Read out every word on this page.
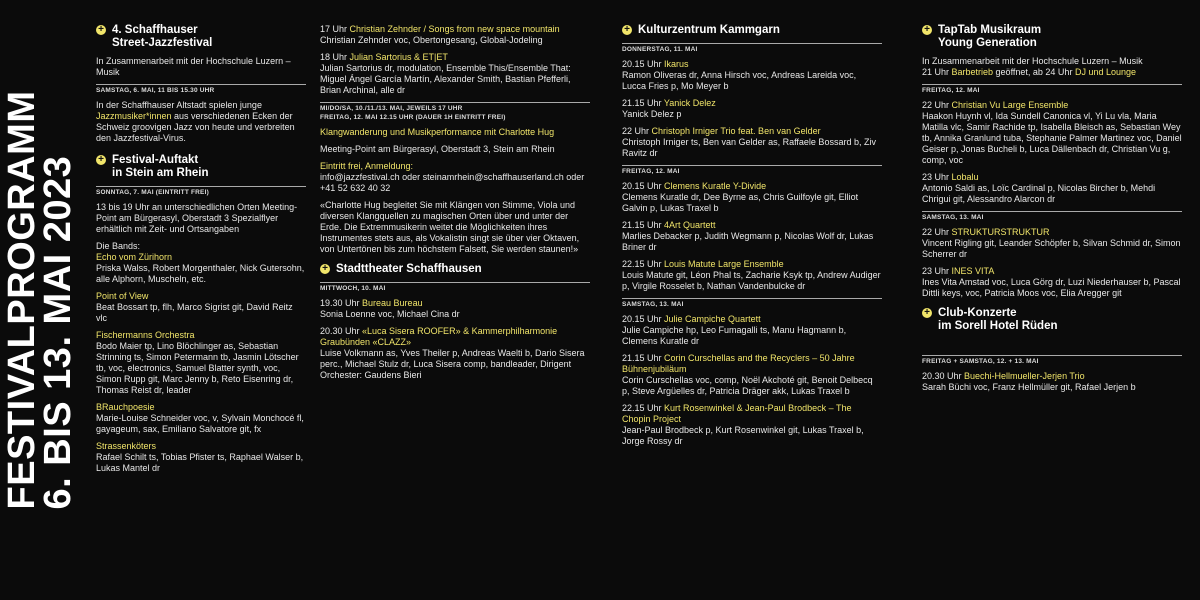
FESTIVALPROGRAMM
6. BIS 13. MAI 2023
+ 4. Schaffhauser
Street-Jazzfestival

In Zusammenarbeit mit der Hochschule Luzern – Musik

SAMSTAG, 6. MAI, 11 BIS 15.30 UHR

In der Schaffhauser Altstadt spielen junge Jazzmusiker*innen aus verschiedenen Ecken der Schweiz groovigen Jazz von heute und verbreiten den Jazzfestival-Virus.

+ Festival-Auftakt
in Stein am Rhein
SONNTAG, 7. MAI (EINTRITT FREI)

13 bis 19 Uhr an unterschiedlichen Orten Meeting-Point am Bürgerasyl, Oberstadt 3 Spezialflyer erhältlich mit Zeit- und Ortsangaben

Die Bands:
Echo vom Zürihorn
Priska Walss, Robert Morgenthaler, Nick Gutersohn, alle Alphorn, Muscheln, etc.
Point of View
Beat Bossart tp, flh, Marco Sigrist git, David Reitz vlc
Fischermanns Orchestra
Bodo Maier tp, Lino Blöchlinger as, Sebastian Strinning ts, Simon Petermann tb, Jasmin Lötscher tb, voc, electronics, Samuel Blatter synth, voc, Simon Rupp git, Marc Jenny b, Reto Eisenring dr, Thomas Reist dr, leader
BRauchpoesie
Marie-Louise Schneider voc, v, Sylvain Monchocé fl, gayageum, sax, Emiliano Salvatore git, fx
Strassenköters
Rafael Schilt ts, Tobias Pfister ts, Raphael Walser b, Lukas Mantel dr
17 Uhr Christian Zehnder / Songs from new space mountain
Christian Zehnder voc, Obertongesang, Global-Jodeling
18 Uhr Julian Sartorius & ET|ET
Julian Sartorius dr, modulation, Ensemble This/Ensemble That: Miguel Ángel García Martín, Alexander Smith, Bastian Pfefferli, Brian Archinal, alle dr
MI/DO/SA, 10./11./13. MAI, JEWEILS 17 UHR
FREITAG, 12. MAI 12.15 UHR (DAUER 1H EINTRITT FREI)

Klangwanderung und Musikperformance mit Charlotte Hug

Meeting-Point am Bürgerasyl, Oberstadt 3, Stein am Rhein

Eintritt frei, Anmeldung:

info@jazzfestival.ch oder steinamrhein@schaffhauserland.ch oder +41 52 632 40 32

«Charlotte Hug begleitet Sie mit Klängen von Stimme, Viola und diversen Klangquellen zu magischen Orten über und unter der Erde. Die Extremmusikerin weitet die Möglichkeiten ihres Instrumentes stets aus, als Vokalistin singt sie über vier Oktaven, von Untertönen bis zum höchstem Falsett, Sie werden staunen!»

+ Stadttheater Schaffhausen
MITTWOCH, 10. MAI
19.30 Uhr Bureau Bureau
Sonia Loenne voc, Michael Cina dr
20.30 Uhr «Luca Sisera ROOFER» & Kammerphilharmonie Graubünden «CLAZZ»
Luise Volkmann as, Yves Theiler p, Andreas Waelti b, Dario Sisera perc., Michael Stulz dr, Luca Sisera comp, bandleader, Dirigent Orchester: Gaudens Bieri
+ Kulturzentrum Kammgarn
DONNERSTAG, 11. MAI
20.15 Uhr Ikarus
Ramon Oliveras dr, Anna Hirsch voc, Andreas Lareida voc, Lucca Fries p, Mo Meyer b
21.15 Uhr Yanick Delez
Yanick Delez p
22 Uhr Christoph Irniger Trio feat. Ben van Gelder
Christoph Irniger ts, Ben van Gelder as, Raffaele Bossard b, Ziv Ravitz dr
FREITAG, 12. MAI
20.15 Uhr Clemens Kuratle Y-Divide
Clemens Kuratle dr, Dee Byrne as, Chris Guilfoyle git, Elliot Galvin p, Lukas Traxel b
21.15 Uhr 4Art Quartett
Marlies Debacker p, Judith Wegmann p, Nicolas Wolf dr, Lukas Briner dr
22.15 Uhr Louis Matute Large Ensemble
Louis Matute git, Léon Phal ts, Zacharie Ksyk tp, Andrew Audiger p, Virgile Rosselet b, Nathan Vandenbulcke dr
SAMSTAG, 13. MAI
20.15 Uhr Julie Campiche Quartett
Julie Campiche hp, Leo Fumagalli ts, Manu Hagmann b, Clemens Kuratle dr
21.15 Uhr Corin Curschellas and the Recyclers – 50 Jahre Bühnenjubiläum
Corin Curschellas voc, comp, Noël Akchoté git, Benoit Delbecq p, Steve Argüelles dr, Patricia Dräger akk, Lukas Traxel b
22.15 Uhr Kurt Rosenwinkel & Jean-Paul Brodbeck – The Chopin Project
Jean-Paul Brodbeck p, Kurt Rosenwinkel git, Lukas Traxel b, Jorge Rossy dr
+ TapTab Musikraum
Young Generation
In Zusammenarbeit mit der Hochschule Luzern – Musik

21 Uhr Barbetrieb geöffnet, ab 24 Uhr DJ und Lounge

FREITAG, 12. MAI
22 Uhr Christian Vu Large Ensemble
Haakon Huynh vl, Ida Sundell Canonica vl, Yi Lu vla, Maria Matilla vlc, Samir Rachide tp, Isabella Bleisch as, Sebastian Wey tb, Annika Granlund tuba, Stephanie Palmer Martinez voc, Daniel Geiser p, Jonas Bucheli b, Luca Dällenbach dr, Christian Vu g, comp, voc
23 Uhr Lobalu
Antonio Saldi as, Loïc Cardinal p, Nicolas Bircher b, Mehdi Chrigui git, Alessandro Alarcon dr
SAMSTAG, 13. MAI
22 Uhr STRUKTURSTRUKTUR
Vincent Rigling git, Leander Schöpfer b, Silvan Schmid dr, Simon Scherrer dr
23 Uhr INES VITA
Ines Vita Amstad voc, Luca Görg dr, Luzi Niederhauser b, Pascal Dittli keys, voc, Patricia Moos voc, Elia Aregger git
+ Club-Konzerte
im Sorell Hotel Rüden
FREITAG + SAMSTAG, 12. + 13. MAI
20.30 Uhr Buechi-Hellmueller-Jerjen Trio
Sarah Büchi voc, Franz Hellmüller git, Rafael Jerjen b
